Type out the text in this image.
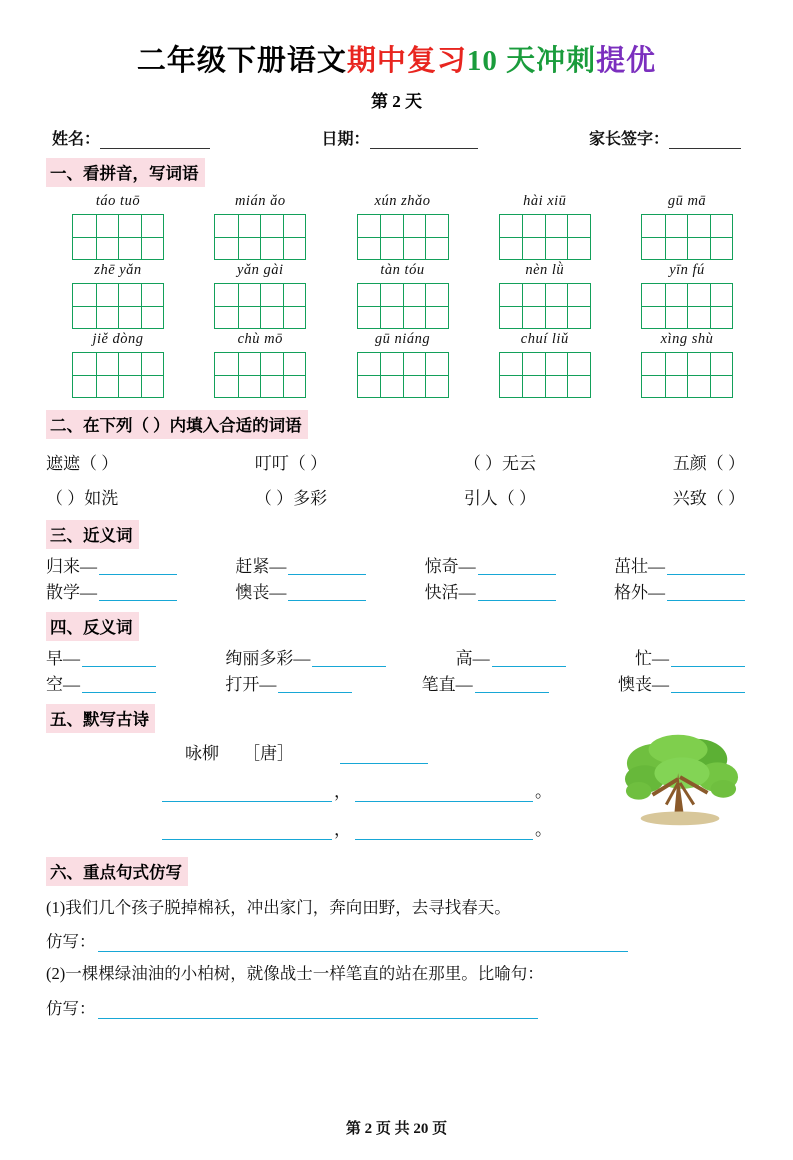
二年级下册语文期中复习10 天冲刺提优
第 2 天
姓名：	日期：	家长签字：
一、看拼音，写词语
táo tuō	mián ǎo	xún zhǎo	hài xiū	gū mā
zhē yǎn	yǎn gài	tàn tóu	nèn lǜ	yīn fú
jiě dòng	chù mō	gū niáng	chuí liǔ	xìng shù
二、在下列（ ）内填入合适的词语
遮遮（ ）	叮叮（ ）	（ ）无云	五颜（ ）
（ ）如洗	（ ）多彩	引人（ ）	兴致（ ）
三、近义词
归来—	赶紧—	惊奇—	茁壮—
散学—	懊丧—	快活—	格外—
四、反义词
早—	绚丽多彩—	高—	忙—
空—	打开—	笔直—	懊丧—
五、默写古诗
咏柳 ［唐］
，	。
，	。
六、重点句式仿写
(1)我们几个孩子脱掉棉袄，冲出家门，奔向田野，去寻找春天。
仿写：
(2)一棵棵绿油油的小柏树，就像战士一样笔直的站在那里。比喻句：
仿写：
第 2 页 共 20 页
